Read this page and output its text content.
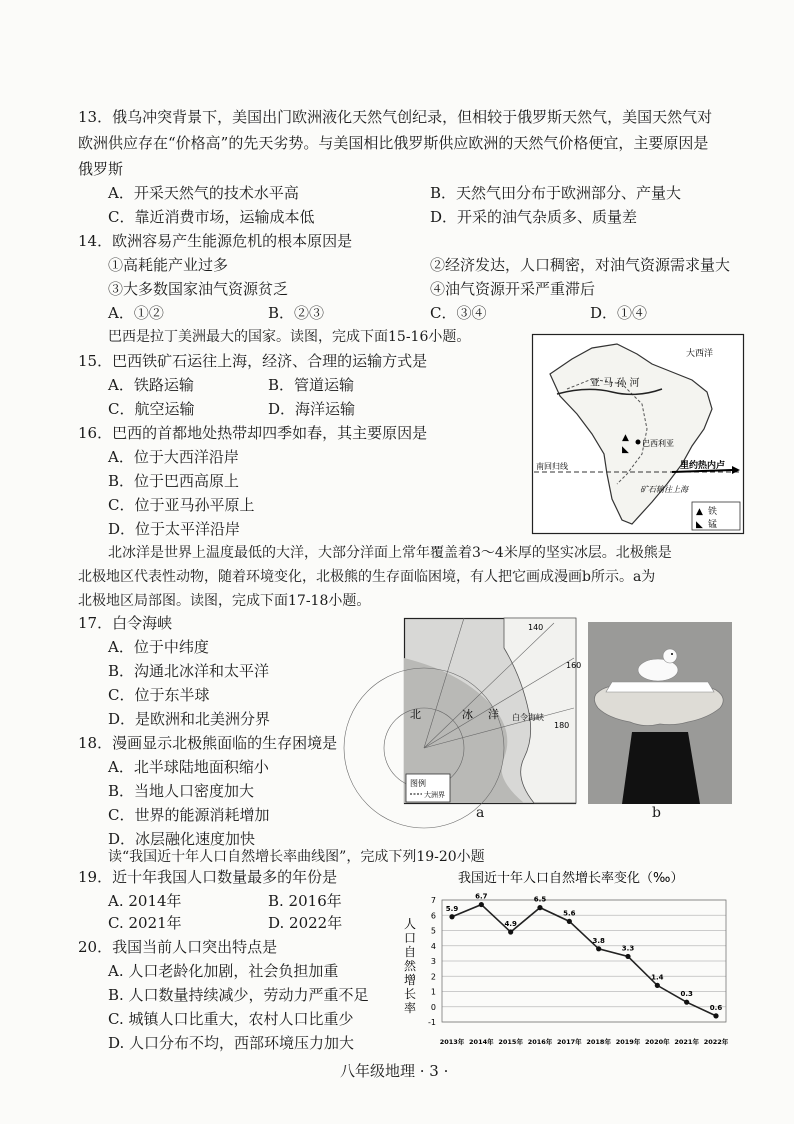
13．俄乌冲突背景下，美国出门欧洲液化天然气创纪录，但相较于俄罗斯天然气，美国天然气对
欧洲供应存在“价格高”的先天劣势。与美国相比俄罗斯供应欧洲的天然气价格便宜，主要原因是
俄罗斯
A．开采天然气的技术水平高	B．天然气田分布于欧洲部分、产量大
C．靠近消费市场，运输成本低	D．开采的油气杂质多、质量差
14．欧洲容易产生能源危机的根本原因是
①高耗能产业过多	②经济发达，人口稠密，对油气资源需求量大
③大多数国家油气资源贫乏	④油气资源开采严重滞后
A．①②	B．②③	C．③④	D．①④
巴西是拉丁美洲最大的国家。读图，完成下面15-16小题。
15．巴西铁矿石运往上海，经济、合理的运输方式是
A．铁路运输	B．管道运输
C．航空运输	D．海洋运输
16．巴西的首都地处热带却四季如春，其主要原因是
A．位于大西洋沿岸
B．位于巴西高原上
C．位于亚马孙平原上
D．位于太平洋沿岸
亚 马 孙 河
大西洋
巴西利亚
南回归线	里约热内卢
矿石输往上海
▲
◣
▲ 铁
◣ 锰
北冰洋是世界上温度最低的大洋，大部分洋面上常年覆盖着3～4米厚的坚实冰层。北极熊是
北极地区代表性动物，随着环境变化，北极熊的生存面临困境，有人把它画成漫画b所示。a为
北极地区局部图。读图，完成下面17-18小题。
17．白令海峡
A．位于中纬度
B．沟通北冰洋和太平洋
C．位于东半球
D．是欧洲和北美洲分界
18．漫画显示北极熊面临的生存困境是
A．北半球陆地面积缩小
B．当地人口密度加大
C．世界的能源消耗增加
D．冰层融化速度加快
140
160
180
北	冰 洋 白令海峡
图例
大洲界
a	b
读“我国近十年人口自然增长率曲线图”，完成下列19-20小题
19．近十年我国人口数量最多的年份是
A. 2014年	B. 2016年
C. 2021年	D. 2022年
20．我国当前人口突出特点是
A. 人口老龄化加剧，社会负担加重
B. 人口数量持续减少，劳动力严重不足
C. 城镇人口比重大，农村人口比重少
D. 人口分布不均，西部环境压力加大
我国近十年人口自然增长率变化（‰）
人
口
自
然
增
长
率
7
6
5
4
3
2
1
0
-1
2013年 2014年 2015年 2016年 2017年 2018年 2019年 2020年 2021年 2022年
5.9
6.7
4.9
6.5
5.6
3.8
3.3
1.4
0.3
0.6
八年级地理 · 3 ·
